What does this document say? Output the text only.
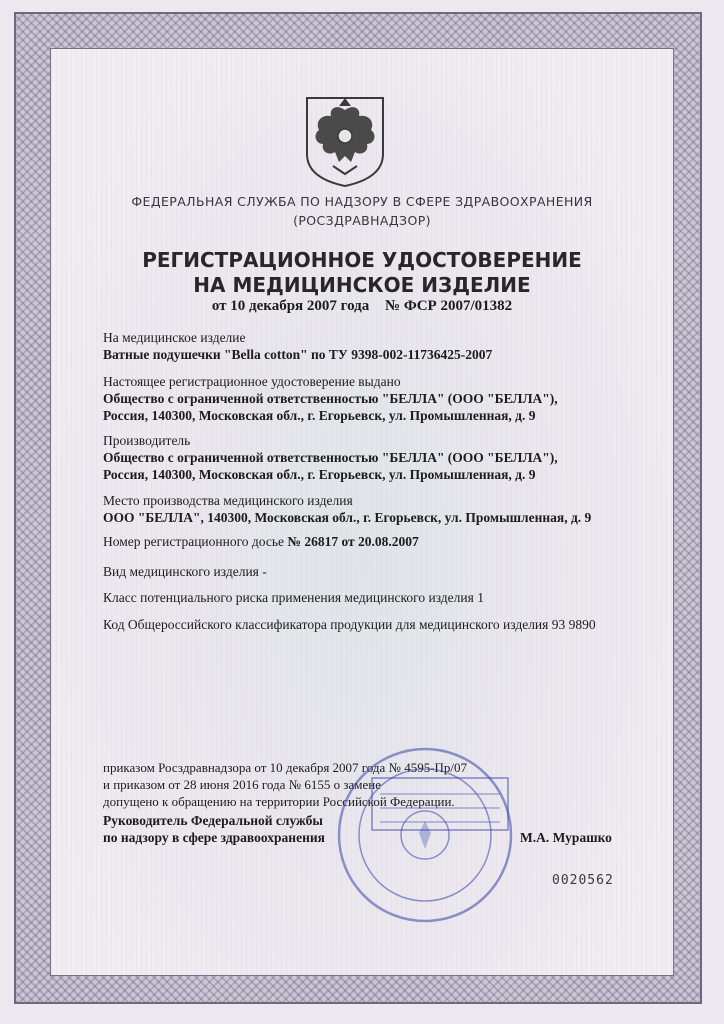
ФЕДЕРАЛЬНАЯ СЛУЖБА ПО НАДЗОРУ В СФЕРЕ ЗДРАВООХРАНЕНИЯ
(РОСЗДРАВНАДЗОР)
РЕГИСТРАЦИОННОЕ УДОСТОВЕРЕНИЕ
НА МЕДИЦИНСКОЕ ИЗДЕЛИЕ
от 10 декабря 2007 года № ФСР 2007/01382
На медицинское изделие
Ватные подушечки "Bella cotton" по ТУ 9398-002-11736425-2007
Настоящее регистрационное удостоверение выдано
Общество с ограниченной ответственностью "БЕЛЛА" (ООО "БЕЛЛА"),
Россия, 140300, Московская обл., г. Егорьевск, ул. Промышленная, д. 9
Производитель
Общество с ограниченной ответственностью "БЕЛЛА" (ООО "БЕЛЛА"),
Россия, 140300, Московская обл., г. Егорьевск, ул. Промышленная, д. 9
Место производства медицинского изделия
ООО "БЕЛЛА", 140300, Московская обл., г. Егорьевск, ул. Промышленная, д. 9
Номер регистрационного досье № 26817 от 20.08.2007
Вид медицинского изделия -
Класс потенциального риска применения медицинского изделия 1
Код Общероссийского классификатора продукции для медицинского изделия 93 9890
приказом Росздравнадзора от 10 декабря 2007 года № 4595-Пр/07
и приказом от 28 июня 2016 года № 6155 о замене
допущено к обращению на территории Российской Федерации.
Руководитель Федеральной службы
по надзору в сфере здравоохранения	М.А. Мурашко
0020562
